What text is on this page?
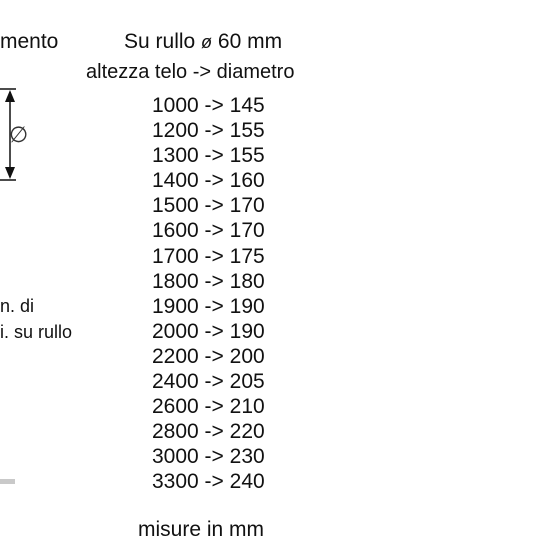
mento	Su rullo ø 60 mm
altezza telo -> diametro
∅
1000 -> 145
1200 -> 155
1300 -> 155
1400 -> 160
1500 -> 170
1600 -> 170
1700 -> 175
1800 -> 180
1900 -> 190
2000 -> 190
2200 -> 200
2400 -> 205
2600 -> 210
2800 -> 220
3000 -> 230
3300 -> 240
n. di
i. su rullo
misure in mm
